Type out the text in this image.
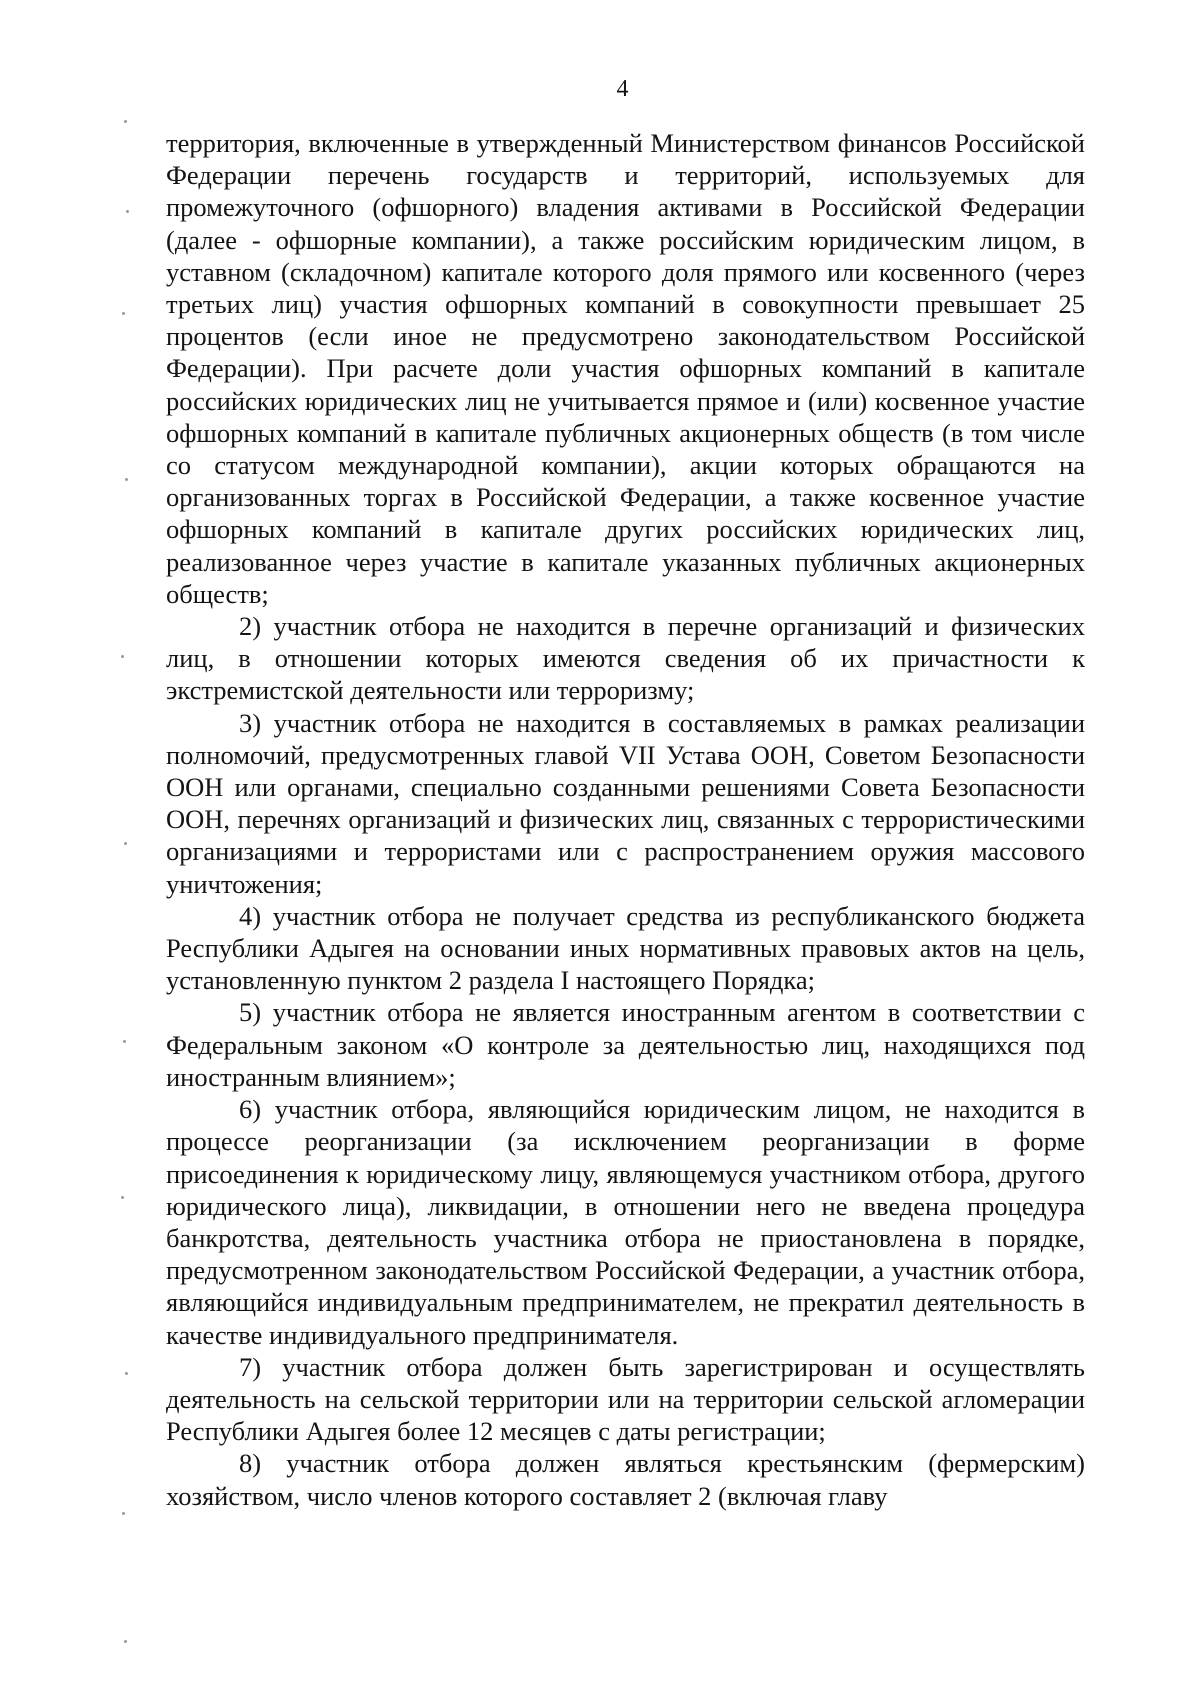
4

территория, включенные в утвержденный Министерством финансов Российской Федерации перечень государств и территорий, используемых для промежуточного (офшорного) владения активами в Российской Федерации (далее - офшорные компании), а также российским юридическим лицом, в уставном (складочном) капитале которого доля прямого или косвенного (через третьих лиц) участия офшорных компаний в совокупности превышает 25 процентов (если иное не предусмотрено законодательством Российской Федерации). При расчете доли участия офшорных компаний в капитале российских юридических лиц не учитывается прямое и (или) косвенное участие офшорных компаний в капитале публичных акционерных обществ (в том числе со статусом международной компании), акции которых обращаются на организованных торгах в Российской Федерации, а также косвенное участие офшорных компаний в капитале других российских юридических лиц, реализованное через участие в капитале указанных публичных акционерных обществ;

2) участник отбора не находится в перечне организаций и физических лиц, в отношении которых имеются сведения об их причастности к экстремистской деятельности или терроризму;

3) участник отбора не находится в составляемых в рамках реализации полномочий, предусмотренных главой VII Устава ООН, Советом Безопасности ООН или органами, специально созданными решениями Совета Безопасности ООН, перечнях организаций и физических лиц, связанных с террористическими организациями и террористами или с распространением оружия массового уничтожения;

4) участник отбора не получает средства из республиканского бюджета Республики Адыгея на основании иных нормативных правовых актов на цель, установленную пунктом 2 раздела I настоящего Порядка;

5) участник отбора не является иностранным агентом в соответствии с Федеральным законом «О контроле за деятельностью лиц, находящихся под иностранным влиянием»;

6) участник отбора, являющийся юридическим лицом, не находится в процессе реорганизации (за исключением реорганизации в форме присоединения к юридическому лицу, являющемуся участником отбора, другого юридического лица), ликвидации, в отношении него не введена процедура банкротства, деятельность участника отбора не приостановлена в порядке, предусмотренном законодательством Российской Федерации, а участник отбора, являющийся индивидуальным предпринимателем, не прекратил деятельность в качестве индивидуального предпринимателя.

7) участник отбора должен быть зарегистрирован и осуществлять деятельность на сельской территории или на территории сельской агломерации Республики Адыгея более 12 месяцев с даты регистрации;

8) участник отбора должен являться крестьянским (фермерским) хозяйством, число членов которого составляет 2 (включая главу
